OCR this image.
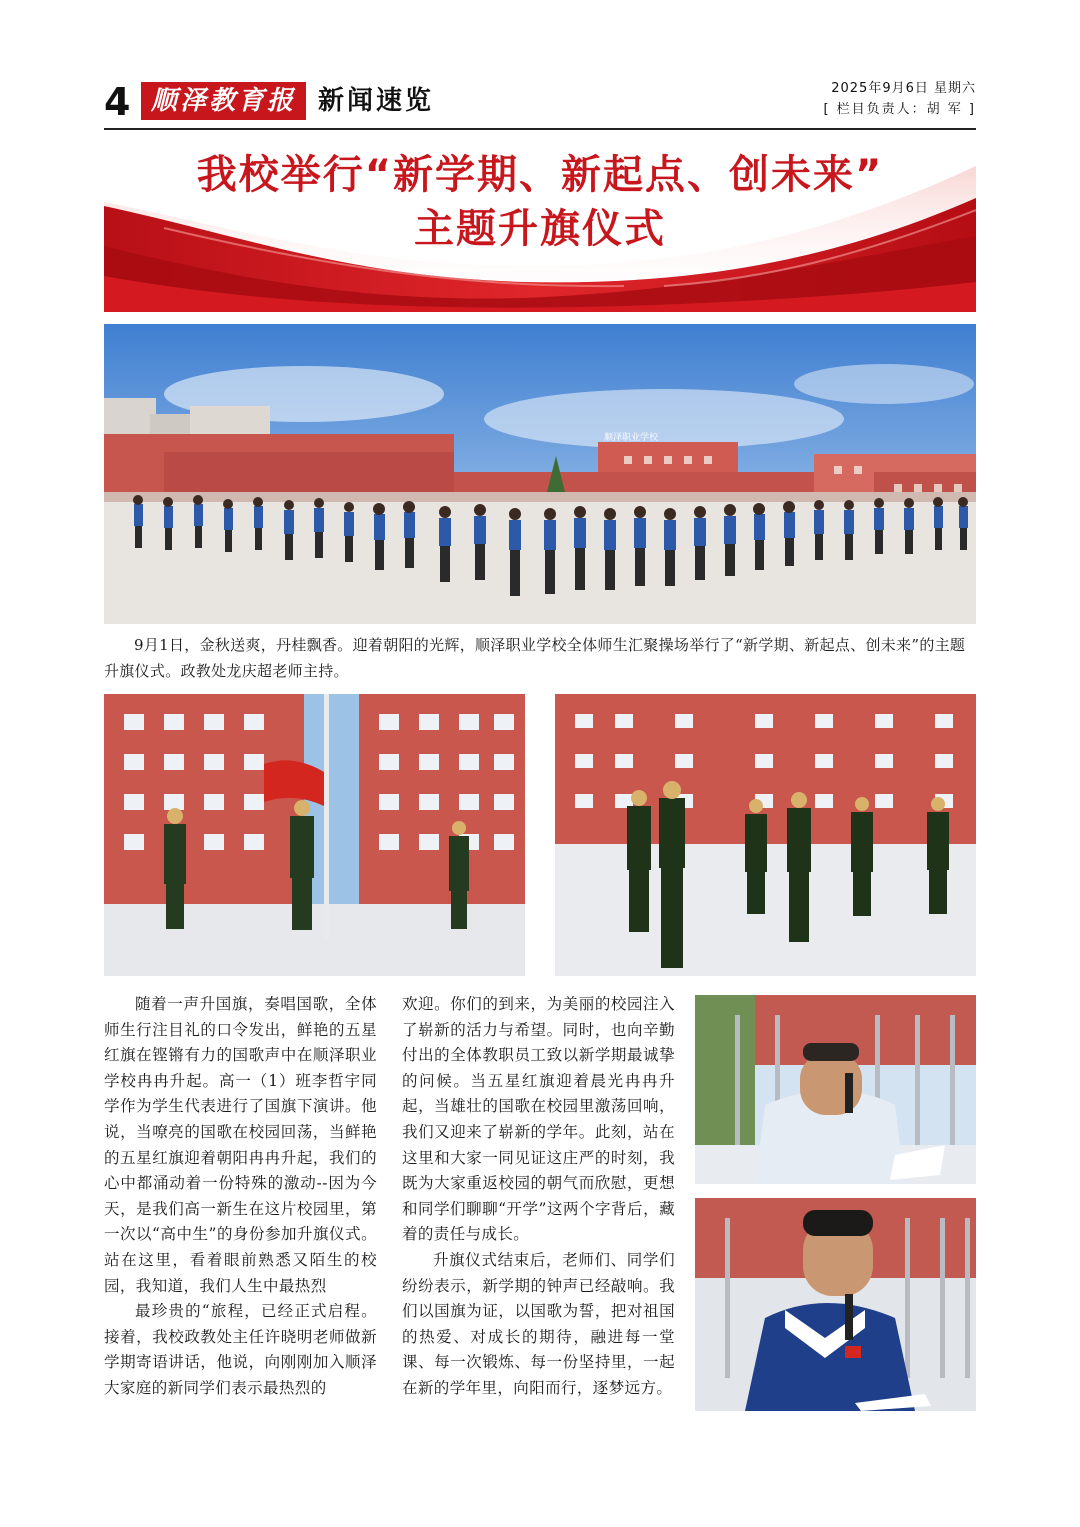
4 顺泽教育报 新闻速览	2025年9月6日 星期六
[ 栏目负责人：胡 军 ]
我校举行“新学期、新起点、创未来”
主题升旗仪式
顺泽职业学校
9月1日，金秋送爽，丹桂飘香。迎着朝阳的光辉，顺泽职业学校全体师生汇聚操场举行了“新学期、新起点、创未来”的主题升旗仪式。政教处龙庆超老师主持。

随着一声升国旗，奏唱国歌，全体师生行注目礼的口令发出，鲜艳的五星红旗在铿锵有力的国歌声中在顺泽职业学校冉冉升起。高一（1）班李哲宇同学作为学生代表进行了国旗下演讲。他说，当嘹亮的国歌在校园回荡，当鲜艳的五星红旗迎着朝阳冉冉升起，我们的心中都涌动着一份特殊的激动--因为今天，是我们高一新生在这片校园里，第一次以“高中生”的身份参加升旗仪式。站在这里，看着眼前熟悉又陌生的校园，我知道，我们人生中最热烈

最珍贵的“旅程，已经正式启程。接着，我校政教处主任许晓明老师做新学期寄语讲话，他说，向刚刚加入顺泽大家庭的新同学们表示最热烈的

欢迎。你们的到来，为美丽的校园注入了崭新的活力与希望。同时，也向辛勤付出的全体教职员工致以新学期最诚挚的问候。当五星红旗迎着晨光冉冉升起，当雄壮的国歌在校园里激荡回响，我们又迎来了崭新的学年。此刻，站在这里和大家一同见证这庄严的时刻，我既为大家重返校园的朝气而欣慰，更想和同学们聊聊“开学”这两个字背后，藏着的责任与成长。

升旗仪式结束后，老师们、同学们纷纷表示，新学期的钟声已经敲响。我们以国旗为证，以国歌为誓，把对祖国的热爱、对成长的期待，融进每一堂课、每一次锻炼、每一份坚持里，一起在新的学年里，向阳而行，逐梦远方。
